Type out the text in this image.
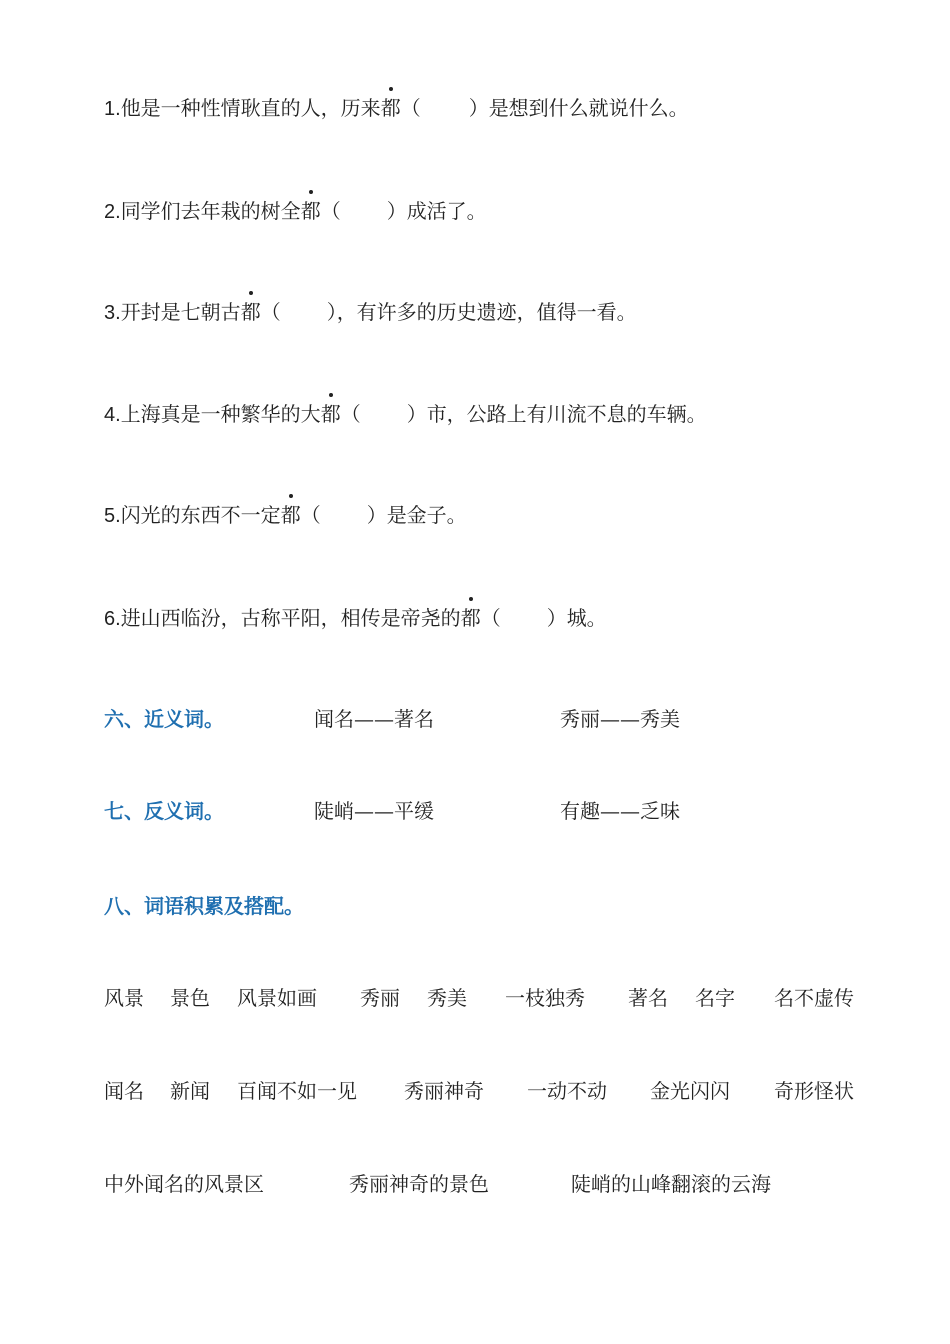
1.他是一种性情耿直的人，历来都（ ）是想到什么就说什么。
2.同学们去年栽的树全都（ ）成活了。
3.开封是七朝古都（ ），有许多的历史遗迹，值得一看。
4.上海真是一种繁华的大都（ ）市，公路上有川流不息的车辆。
5.闪光的东西不一定都（ ）是金子。
6.进山西临汾，古称平阳，相传是帝尧的都（ ）城。
六、近义词。	闻名——著名	秀丽——秀美
七、反义词。	陡峭——平缓	有趣——乏味
八、词语积累及搭配。
风景 景色 风景如画 秀丽 秀美 一枝独秀 著名 名字 名不虚传
闻名 新闻 百闻不如一见 秀丽神奇 一动不动 金光闪闪 奇形怪状
中外闻名的风景区	秀丽神奇的景色	陡峭的山峰翻滚的云海
